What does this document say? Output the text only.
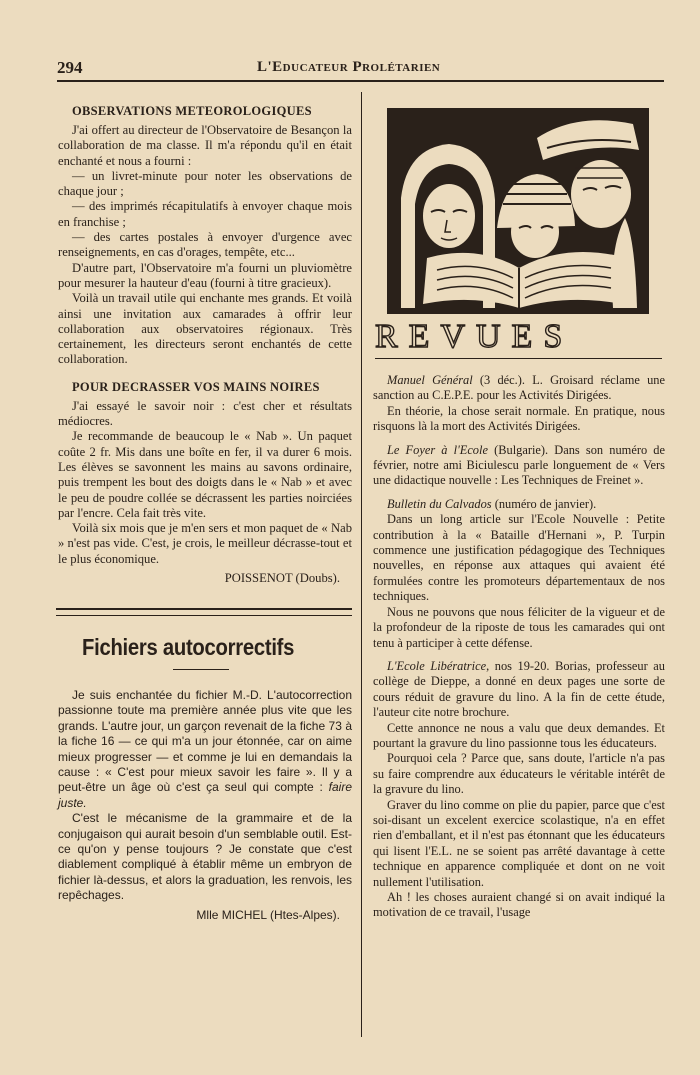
294	L'Educateur Prolétarien
OBSERVATIONS METEOROLOGIQUES

J'ai offert au directeur de l'Observatoire de Besançon la collaboration de ma classe. Il m'a répondu qu'il en était enchanté et nous a fourni :

— un livret-minute pour noter les observations de chaque jour ;

— des imprimés récapitulatifs à envoyer chaque mois en franchise ;

— des cartes postales à envoyer d'urgence avec renseignements, en cas d'orages, tempête, etc...

D'autre part, l'Observatoire m'a fourni un pluviomètre pour mesurer la hauteur d'eau (fourni à titre gracieux).

Voilà un travail utile qui enchante mes grands. Et voilà ainsi une invitation aux camarades à offrir leur collaboration aux observatoires régionaux. Très certainement, les directeurs seront enchantés de cette collaboration.

POUR DECRASSER VOS MAINS NOIRES

J'ai essayé le savoir noir : c'est cher et résultats médiocres.

Je recommande de beaucoup le « Nab ». Un paquet coûte 2 fr. Mis dans une boîte en fer, il va durer 6 mois. Les élèves se savonnent les mains au savons ordinaire, puis trempent les bout des doigts dans le « Nab » et avec le peu de poudre collée se décrassent les parties noirciées par l'encre. Cela fait très vite.

Voilà six mois que je m'en sers et mon paquet de « Nab » n'est pas vide. C'est, je crois, le meilleur décrasse-tout et le plus économique.

POISSENOT (Doubs).
Fichiers autocorrectifs

Je suis enchantée du fichier M.-D. L'autocorrection passionne toute ma première année plus vite que les grands. L'autre jour, un garçon revenait de la fiche 73 à la fiche 16 — ce qui m'a un jour étonnée, car on aime mieux progresser — et comme je lui en demandais la cause : « C'est pour mieux savoir les faire ». Il y a peut-être un âge où c'est ça seul qui compte : faire juste.

C'est le mécanisme de la grammaire et de la conjugaison qui aurait besoin d'un semblable outil. Est-ce qu'on y pense toujours ? Je constate que c'est diablement compliqué à établir même un embryon de fichier là-dessus, et alors la graduation, les renvois, les repêchages.

Mlle MICHEL (Htes-Alpes).
REVUES

Manuel Général (3 déc.). L. Groisard réclame une sanction au C.E.P.E. pour les Activités Dirigées.

En théorie, la chose serait normale. En pratique, nous risquons là la mort des Activités Dirigées.

Le Foyer à l'Ecole (Bulgarie). Dans son numéro de février, notre ami Biciulescu parle longuement de « Vers une didactique nouvelle : Les Techniques de Freinet ».

Bulletin du Calvados (numéro de janvier).

Dans un long article sur l'Ecole Nouvelle : Petite contribution à la « Bataille d'Hernani », P. Turpin commence une justification pédagogique des Techniques nouvelles, en réponse aux attaques qui avaient été formulées contre les promoteurs départementaux de nos techniques.

Nous ne pouvons que nous féliciter de la vigueur et de la profondeur de la riposte de tous les camarades qui ont tenu à participer à cette défense.

L'Ecole Libératrice, nos 19-20. Borias, professeur au collège de Dieppe, a donné en deux pages une sorte de cours réduit de gravure du lino. A la fin de cette étude, l'auteur cite notre brochure.

Cette annonce ne nous a valu que deux demandes. Et pourtant la gravure du lino passionne tous les éducateurs.

Pourquoi cela ? Parce que, sans doute, l'article n'a pas su faire comprendre aux éducateurs le véritable intérêt de la gravure du lino.

Graver du lino comme on plie du papier, parce que c'est soi-disant un excelent exercice scolastique, n'a en effet rien d'emballant, et il n'est pas étonnant que les éducateurs qui lisent l'E.L. ne se soient pas arrêté davantage à cette technique en apparence compliquée et dont on ne voit nullement l'utilisation.

Ah ! les choses auraient changé si on avait indiqué la motivation de ce travail, l'usage
